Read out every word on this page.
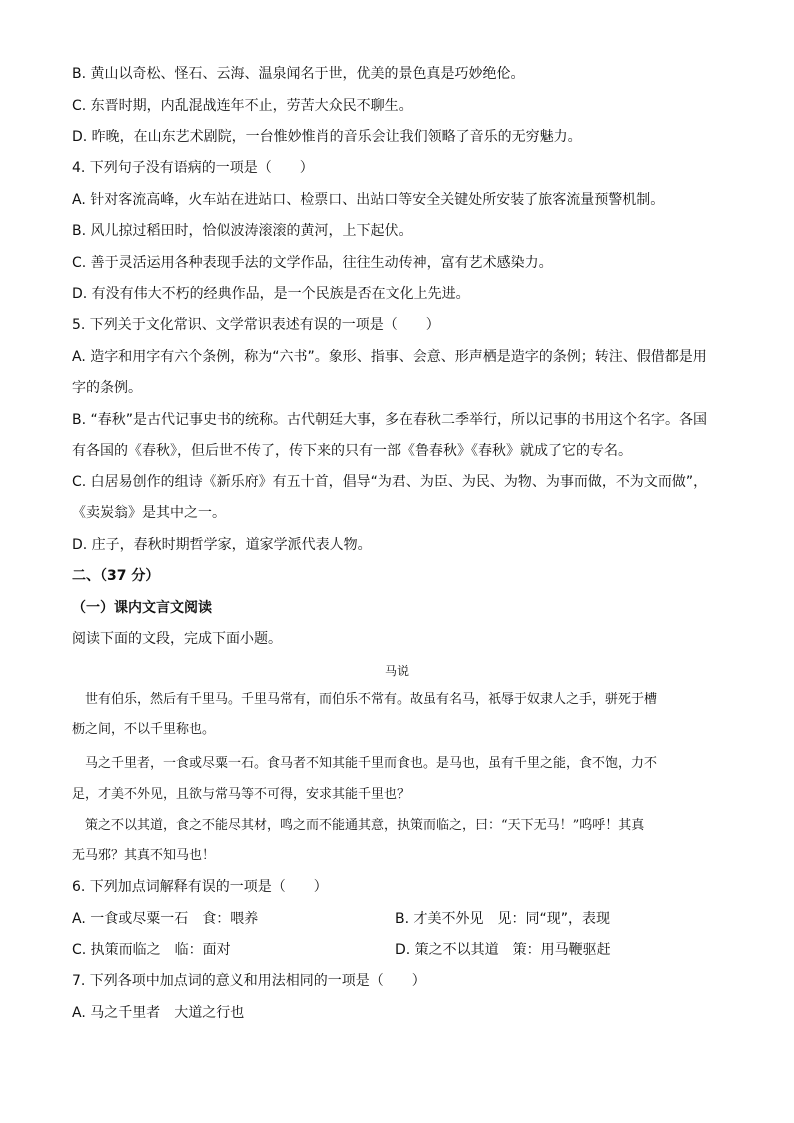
B. 黄山以奇松、怪石、云海、温泉闻名于世，优美的景色真是巧妙绝伦。
C. 东晋时期，内乱混战连年不止，劳苦大众民不聊生。
D. 昨晚，在山东艺术剧院，一台惟妙惟肖的音乐会让我们领略了音乐的无穷魅力。
4. 下列句子没有语病的一项是（　　）
A. 针对客流高峰，火车站在进站口、检票口、出站口等安全关键处所安装了旅客流量预警机制。
B. 风儿掠过稻田时，恰似波涛滚滚的黄河，上下起伏。
C. 善于灵活运用各种表现手法的文学作品，往往生动传神，富有艺术感染力。
D. 有没有伟大不朽的经典作品，是一个民族是否在文化上先进。
5. 下列关于文化常识、文学常识表述有误的一项是（　　）
A. 造字和用字有六个条例，称为“六书”。象形、指事、会意、形声栖是造字的条例；转注、假借都是用
字的条例。
B. “春秋”是古代记事史书的统称。古代朝廷大事，多在春秋二季举行，所以记事的书用这个名字。各国
有各国的《春秋》，但后世不传了，传下来的只有一部《鲁春秋》《春秋》就成了它的专名。
C. 白居易创作的组诗《新乐府》有五十首，倡导“为君、为臣、为民、为物、为事而做，不为文而做”，
《卖炭翁》是其中之一。
D. 庄子，春秋时期哲学家，道家学派代表人物。
二、（37 分）
（一）课内文言文阅读
阅读下面的文段，完成下面小题。
马说
　世有伯乐，然后有千里马。千里马常有，而伯乐不常有。故虽有名马，祇辱于奴隶人之手，骈死于槽
枥之间，不以千里称也。
　马之千里者，一食或尽粟一石。食马者不知其能千里而食也。是马也，虽有千里之能，食不饱，力不
足，才美不外见，且欲与常马等不可得，安求其能千里也？
　策之不以其道，食之不能尽其材，鸣之而不能通其意，执策而临之，曰：“天下无马！”呜呼！其真
无马邪？其真不知马也！
6. 下列加点词解释有误的一项是（　　）
A. 一食或尽粟一石　食：喂养	B. 才美不外见　见：同“现”，表现
C. 执策而临之　临：面对	D. 策之不以其道　策：用马鞭驱赶
7. 下列各项中加点词的意义和用法相同的一项是（　　）
A. 马之千里者　大道之行也
